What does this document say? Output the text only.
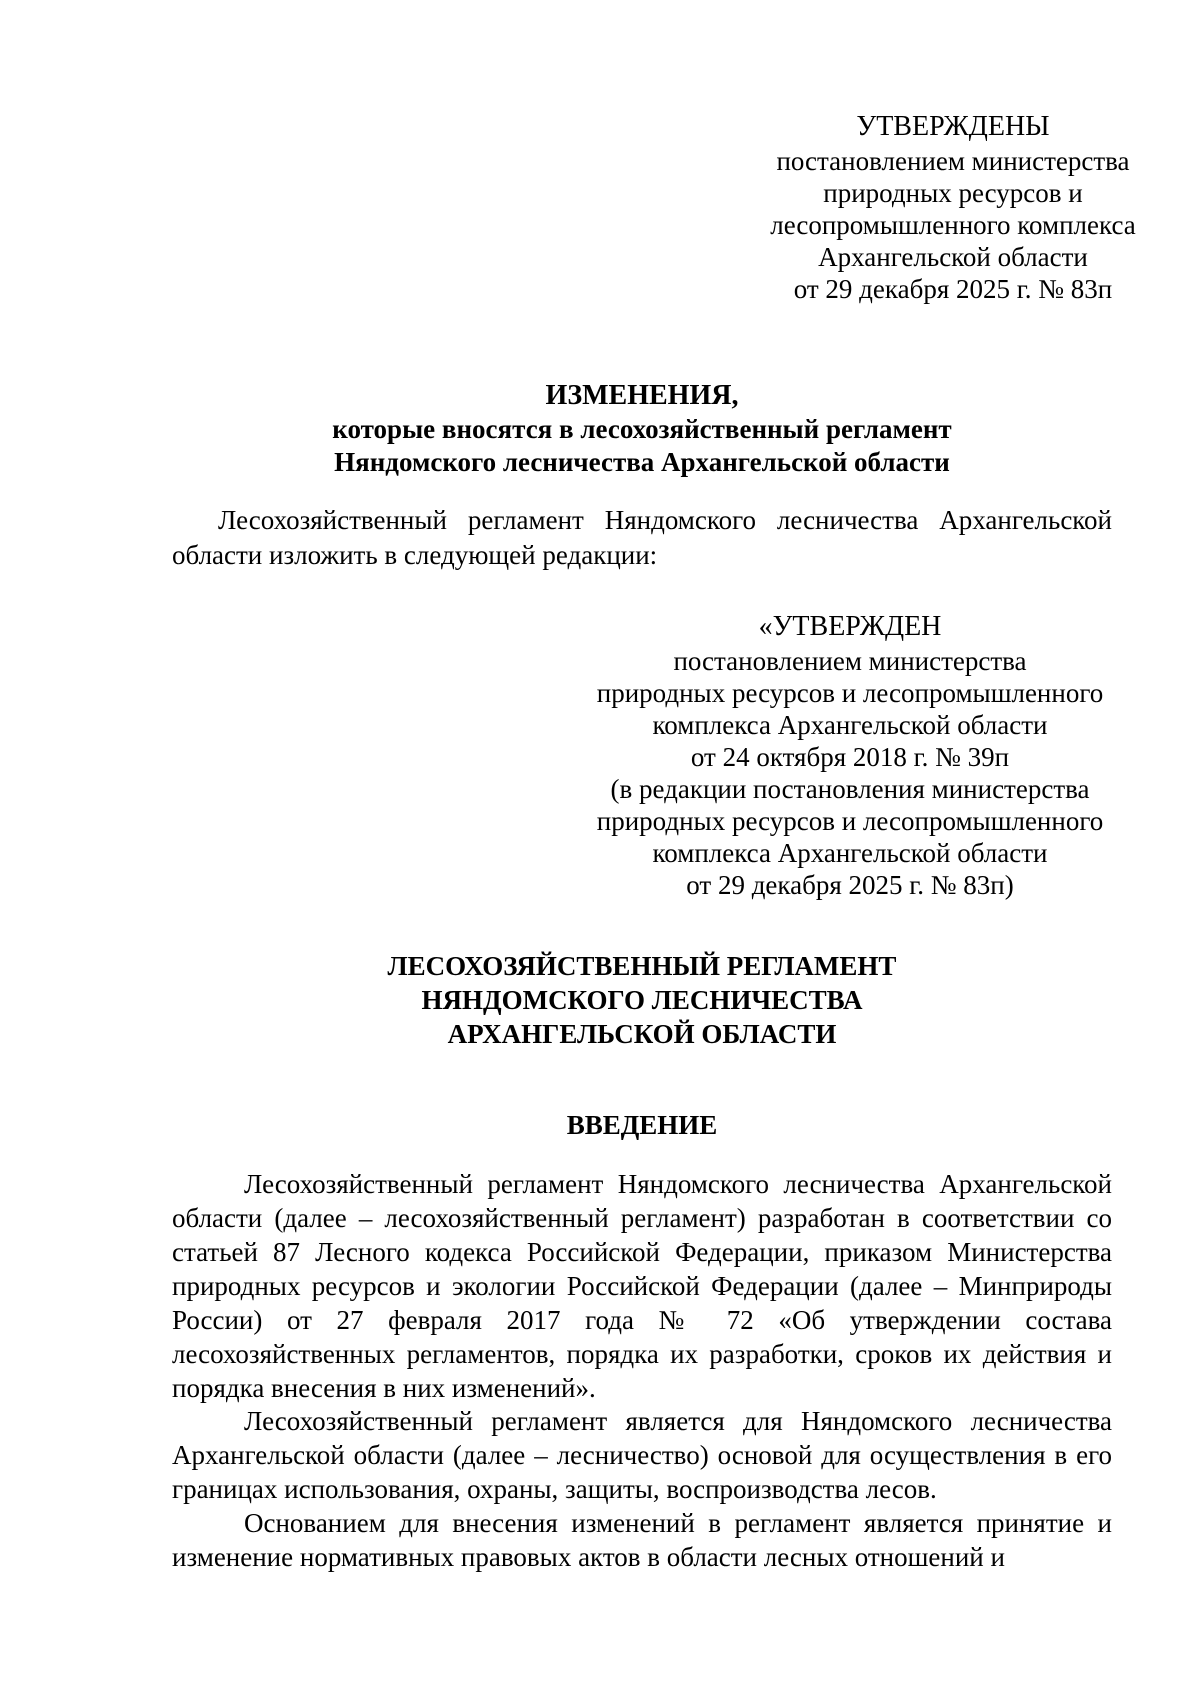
УТВЕРЖДЕНЫ
постановлением министерства
природных ресурсов и
лесопромышленного комплекса
Архангельской области
от 29 декабря 2025 г. № 83п
ИЗМЕНЕНИЯ,
которые вносятся в лесохозяйственный регламент
Няндомского лесничества Архангельской области
Лесохозяйственный регламент Няндомского лесничества Архангельской области изложить в следующей редакции:
«УТВЕРЖДЕН
постановлением министерства
природных ресурсов и лесопромышленного
комплекса Архангельской области
от 24 октября 2018 г. № 39п
(в редакции постановления министерства
природных ресурсов и лесопромышленного
комплекса Архангельской области
от 29 декабря 2025 г. № 83п)
ЛЕСОХОЗЯЙСТВЕННЫЙ РЕГЛАМЕНТ
НЯНДОМСКОГО ЛЕСНИЧЕСТВА
АРХАНГЕЛЬСКОЙ ОБЛАСТИ
ВВЕДЕНИЕ
Лесохозяйственный регламент Няндомского лесничества Архангельской области (далее – лесохозяйственный регламент) разработан в соответствии со статьей 87 Лесного кодекса Российской Федерации, приказом Министерства природных ресурсов и экологии Российской Федерации (далее – Минприроды России) от 27 февраля 2017 года № 72 «Об утверждении состава лесохозяйственных регламентов, порядка их разработки, сроков их действия и порядка внесения в них изменений».
Лесохозяйственный регламент является для Няндомского лесничества Архангельской области (далее – лесничество) основой для осуществления в его границах использования, охраны, защиты, воспроизводства лесов.
Основанием для внесения изменений в регламент является принятие и изменение нормативных правовых актов в области лесных отношений и
